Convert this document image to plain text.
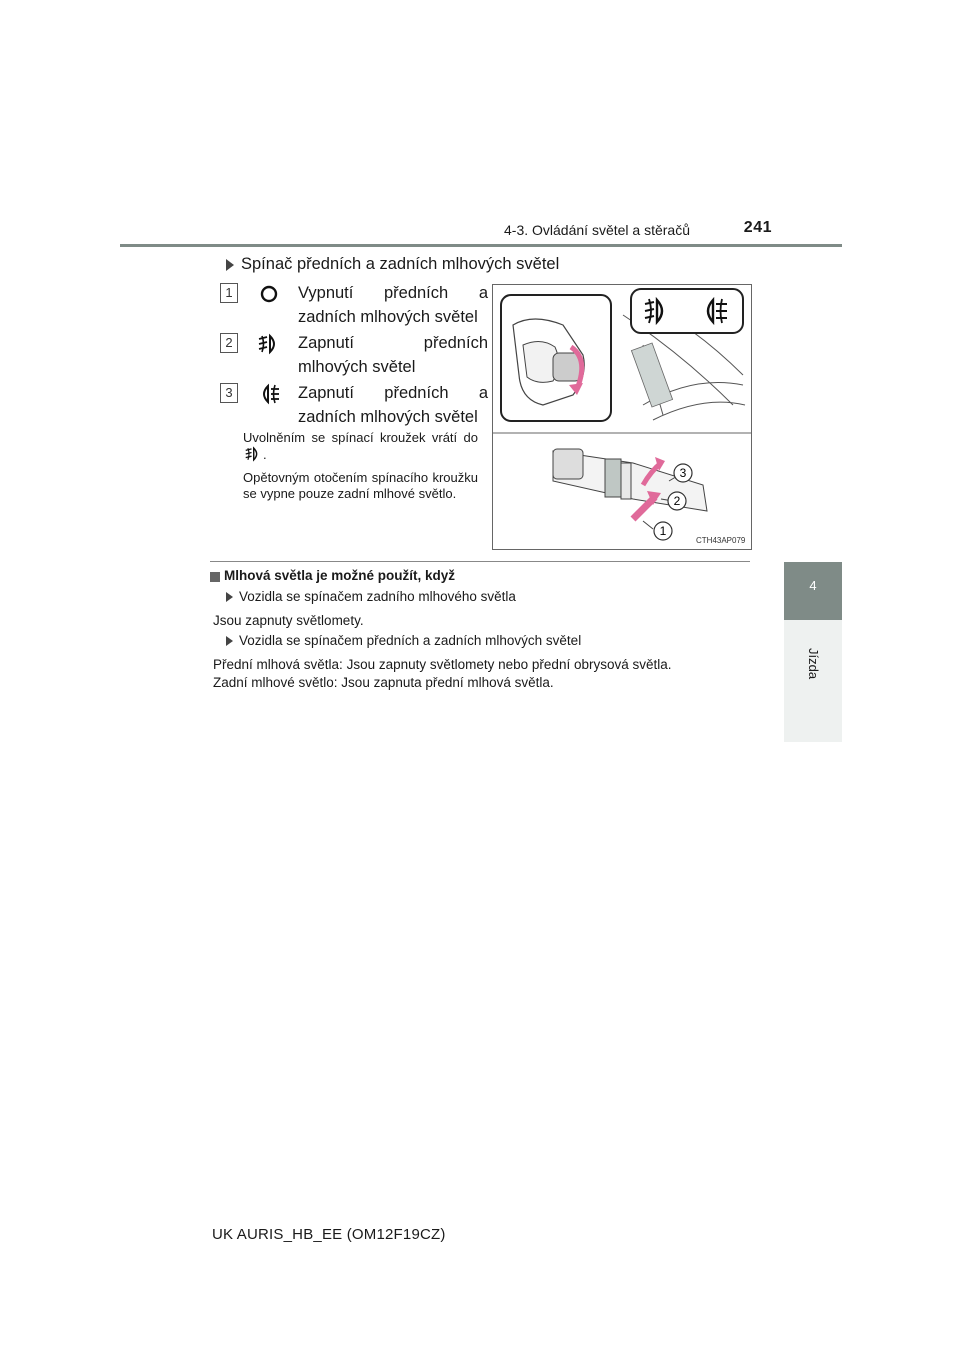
4-3. Ovládání světel a stěračů	241
4
Jízda
Spínač předních a zadních mlhových světel
1	Vypnutí předních a zadních mlhových světel
2	Zapnutí předních mlhových světel
3	Zapnutí předních a zadních mlhových světel
Uvolněním se spínací kroužek vrátí do .
Opětovným otočením spínacího kroužku se vypne pouze zadní mlhové světlo.
3
2
1
CTH43AP079
Mlhová světla je možné použít, když
Vozidla se spínačem zadního mlhového světla
Jsou zapnuty světlomety.
Vozidla se spínačem předních a zadních mlhových světel
Přední mlhová světla: Jsou zapnuty světlomety nebo přední obrysová světla.
Zadní mlhové světlo: Jsou zapnuta přední mlhová světla.
UK AURIS_HB_EE (OM12F19CZ)
